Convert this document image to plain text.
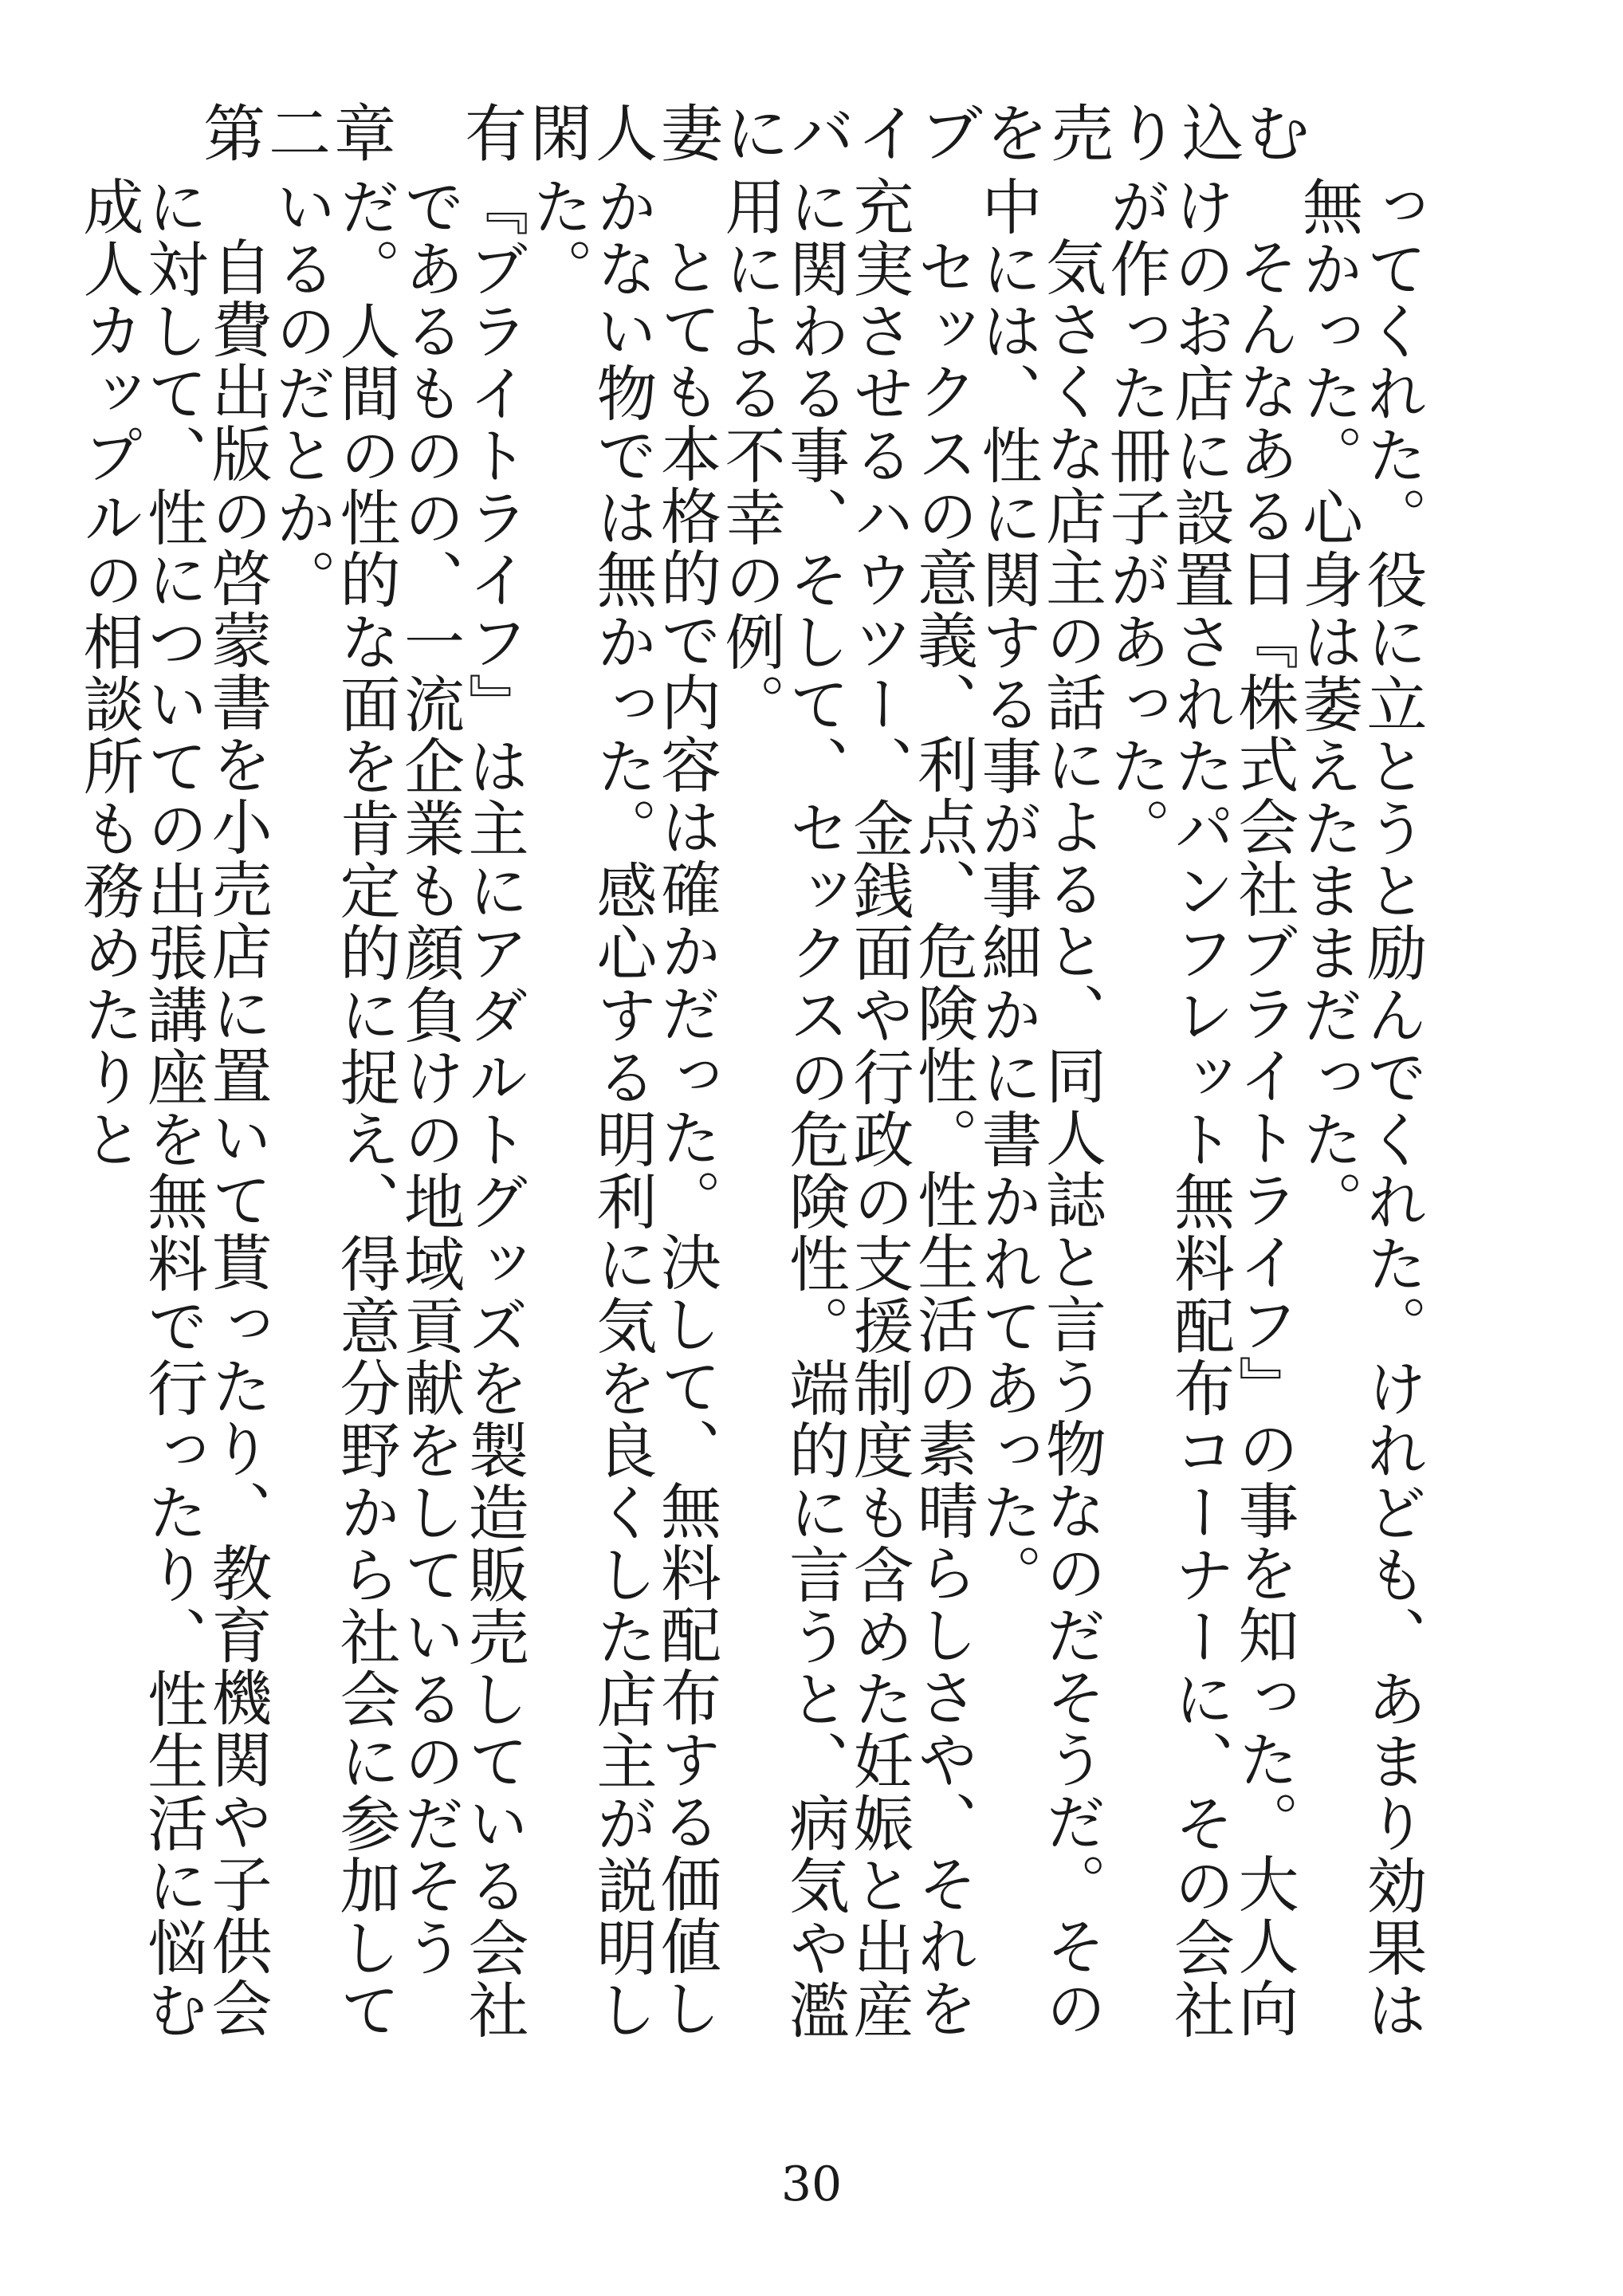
第二章　有閑人妻にバイブを売り込む

ってくれた。役に立とうと励んでくれた。けれども、あまり効果は無かった。心身は萎えたままだった。

そんなある日『株式会社ブライトライフ』の事を知った。大人向けのお店に設置されたパンフレット無料配布コーナーに、その会社が作った冊子があった。

気さくな店主の話によると、同人誌と言う物なのだそうだ。その中には、性に関する事が事細かに書かれてあった。

セックスの意義、利点、危険性。性生活の素晴らしさや、それを充実させるハウツー、金銭面や行政の支援制度も含めた妊娠と出産に関わる事、そして、セックスの危険性。端的に言うと、病気や濫用による不幸の例。

とても本格的で内容は確かだった。決して、無料配布する価値しかない物では無かった。感心する明利に気を良くした店主が説明した。

『ブライトライフ』は主にアダルトグッズを製造販売している会社であるものの、一流企業も顔負けの地域貢献をしているのだそうだ。人間の性的な面を肯定的に捉え、得意分野から社会に参加しているのだとか。

自費出版の啓蒙書を小売店に置いて貰ったり、教育機関や子供会に対して、性についての出張講座を無料で行ったり、性生活に悩む成人カップルの相談所も務めたりと

30
